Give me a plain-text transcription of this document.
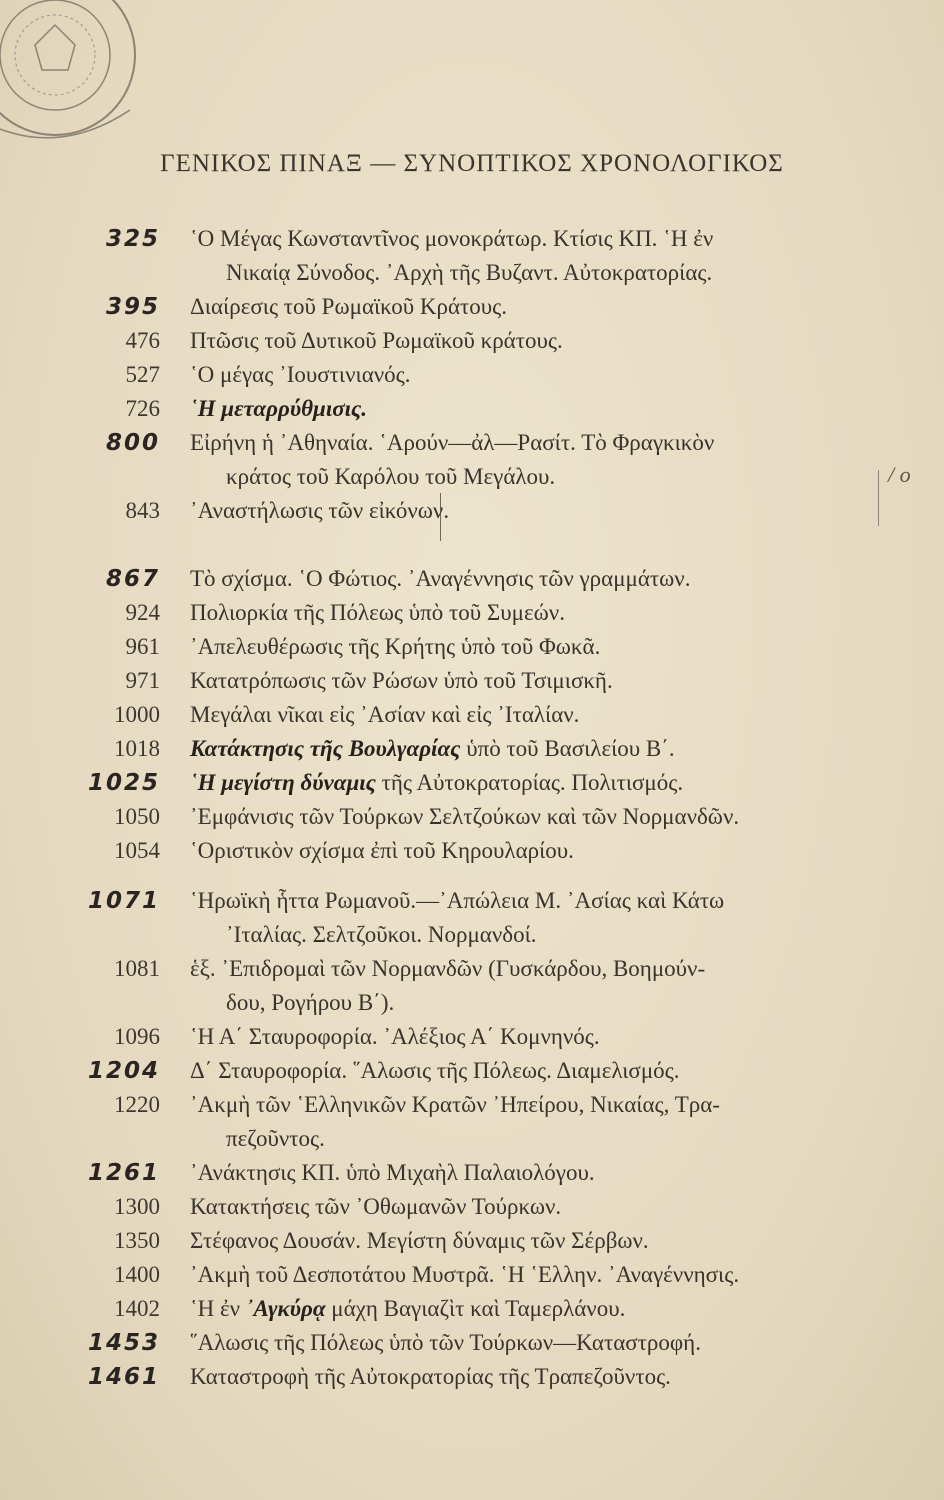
ΓΕΝΙΚΟΣ ΠΙΝΑΞ — ΣΥΝΟΠΤΙΚΟΣ ΧΡΟΝΟΛΟΓΙΚΟΣ
/ ο
325 ῾Ο Μέγας Κωνσταντῖνος μονοκράτωρ. Κτίσις ΚΠ. ῾Η ἐν
Νικαίᾳ Σύνοδος. ᾿Αρχὴ τῆς Βυζαντ. Αὐτοκρατορίας.
395 Διαίρεσις τοῦ Ρωμαϊκοῦ Κράτους.
476 Πτῶσις τοῦ Δυτικοῦ Ρωμαϊκοῦ κράτους.
527 ῾Ο μέγας ᾿Ιουστινιανός.
726 ῾Η μεταρρύθμισις.
800 Εἰρήνη ἡ ᾿Αθηναία. ῾Αρούν—ἀλ—Ρασίτ. Τὸ Φραγκικὸν
κράτος τοῦ Καρόλου τοῦ Μεγάλου.
843 ᾿Αναστήλωσις τῶν εἰκόνων.
867 Τὸ σχίσμα. ῾Ο Φώτιος. ᾿Αναγέννησις τῶν γραμμάτων.
924 Πολιορκία τῆς Πόλεως ὑπὸ τοῦ Συμεών.
961 ᾿Απελευθέρωσις τῆς Κρήτης ὑπὸ τοῦ Φωκᾶ.
971 Κατατρόπωσις τῶν Ρώσων ὑπὸ τοῦ Τσιμισκῆ.
1000 Μεγάλαι νῖκαι εἰς ᾿Ασίαν καὶ εἰς ᾿Ιταλίαν.
1018 Κατάκτησις τῆς Βουλγαρίας ὑπὸ τοῦ Βασιλείου Β΄.
1025 ῾Η μεγίστη δύναμις τῆς Αὐτοκρατορίας. Πολιτισμός.
1050 ᾿Εμφάνισις τῶν Τούρκων Σελτζούκων καὶ τῶν Νορμανδῶν.
1054 ῾Οριστικὸν σχίσμα ἐπὶ τοῦ Κηρουλαρίου.
1071 ῾Ηρωϊκὴ ἧττα Ρωμανοῦ.—᾿Απώλεια Μ. ᾿Ασίας καὶ Κάτω
᾿Ιταλίας. Σελτζοῦκοι. Νορμανδοί.
1081 ἑξ. ᾿Επιδρομαὶ τῶν Νορμανδῶν (Γυσκάρδου, Βοημούν-
δου, Ρογήρου Β΄).
1096 ῾Η Α΄ Σταυροφορία. ᾿Αλέξιος Α΄ Κομνηνός.
1204 Δ΄ Σταυροφορία. ῞Αλωσις τῆς Πόλεως. Διαμελισμός.
1220 ᾿Ακμὴ τῶν ῾Ελληνικῶν Κρατῶν ᾿Ηπείρου, Νικαίας, Τρα-
πεζοῦντος.
1261 ᾿Ανάκτησις ΚΠ. ὑπὸ Μιχαὴλ Παλαιολόγου.
1300 Κατακτήσεις τῶν ᾿Οθωμανῶν Τούρκων.
1350 Στέφανος Δουσάν. Μεγίστη δύναμις τῶν Σέρβων.
1400 ᾿Ακμὴ τοῦ Δεσποτάτου Μυστρᾶ. ῾Η ῾Ελλην. ᾿Αναγέννησις.
1402 ῾Η ἐν ᾿Αγκύρᾳ μάχη Βαγιαζὶτ καὶ Ταμερλάνου.
1453 ῞Αλωσις τῆς Πόλεως ὑπὸ τῶν Τούρκων—Καταστροφή.
1461 Καταστροφὴ τῆς Αὐτοκρατορίας τῆς Τραπεζοῦντος.
